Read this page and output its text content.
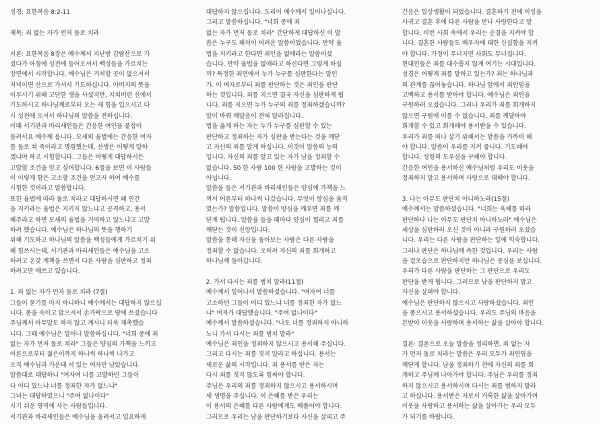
성경: 요한복음 8:2-11
제목: 죄 없는 자가 먼저 돌로 치라
서론: 요한복음 8장은 예수께서 지난밤 감람산으로 가
셨다가 아침에 성전에 들어오셔서 백성들을 가르치는
장면에서 시작합니다. 예수님은 거처할 곳이 없으셔서
저녁이면 산으로 가셔서 기도하십니다. 아버지의 뜻을
이루시기 위해 고단한 생을 사셨지만, 지쳐버린 신에서
기도하시고 하나님께로부터 오는 새 힘을 입으시고 다
시 성전에 오셔서 하나님의 말씀을 전하십니다.
이때 서기관과 바리새인들은 간음한 여인을 붙잡아
돌려서요 예수께 옵니다. 모세의 율법에는 간음한 여자
를 돌로 쳐 죽이라고 명령했는데, 선생은 어떻게 말하
겠냐며 하고 시험합니다. 그들은 어떻게 대답하시든
고발할 조건을 얻고 싶어합니다. 6절을 보면 이 사람들
이 이렇게 함은 고소할 조건을 얻고자 하여 예수를
시험한 것이라고 말씀합니다.
또한 율법에 따라 돌로 치라고 대답하시면 왜 인간
을 지키라는 율법은 지키지 않느냐고 공격하고, 용서
해주라고 하면 모세의 율법을 거역하고 않느냐고 고발
하려 했습니다. 예수님은 하나님의 뜻을 행하기
위해 기도하고 하나님의 말씀을 백성들에게 가르치기 위
해 힘쓰시는데, 서기관과 바리새인들은 예수님을 고소
하려고 온갖 계책을 쓰면서 다른 사람을 심판하고 정죄
하려고만 애쓰고 있습니다.
1. 죄 없는 자가 먼저 돌로 치라 (7절)
그들이 묻기를 마지 아니하니 예수께서는 대답하지 않으십
니다. 몸을 숙이고 앉으셔서 손가락으로 땅에 쓰셨습니다
주님께서 아무말도 하지 않고 계시니 더욱 재촉했습
니다. 그때 예수님은 일어나 말씀하십니다. "너희 중에 죄
없는 자가 먼저 돌로 치라" 그들은 양심의 가책을 느끼고
어른으로부터 젊은이까지 하나씩 하나씩 나가고
오직 예수님과 가운데 서 있는 여자만 남았습니다.
말씀대로 대답하니 "여자여 너를 고발하던 그들이
다 어디 있느냐 너를 정죄한 자가 없느냐"
그녀는 대답하였으니 "주여 없나이다"
시기 쉬운 영역에 사는 사람들입니다.
서기관과 바리새인들은 예수님을 올려서고 일요하게
대답하지 않으십니다. 도리어 예수께서 일어나십니다.
그리고 말씀하십니다. "너희 중에 죄
없는 자가 먼저 돌로 치라" 간단하게 대답하신 이 말
씀은 누구도 해석이 어려운 말씀이었습니다. 만약 율
법을 지키라고 한다면 죄인을 없애라는 말씀이셨
습니다. 만약 율법을 없애라고 하신다면 그렇게 하실
까? 특정한 죄인에서 누가 누구를 심판한다는 말인
가. 이 여자로부터 죄를 판단하는 것은 죄인을 판단
하는 것입니다. 죄를 지으면 결국 자신을 심판하게 됩
니다. 죄를 지으면 누가 누구의 죄를 정죄하겠습니까?
말이 바꿔 깨달음이 전혀 달라집니다.
법을 옳게 하는 자는 누가 누구를 심판할 수 있는
판단하고 정죄하는 자가 심판을 받는다는 것을 깨닫
고 자신의 죄를 알게 하십니다. 이것이 말씀의 능력
입니다. 자신의 죄를 알고 있는 자가 남을 정죄할 수
없습니다. 50 한 사람 100 한 사람을 고발하는 것이
아닙니다.
말씀을 들은 서기관과 바리새인들은 양심에 가책을 느
껴서 어른부터 하나씩 나갔습니다. 무엇이 양심을 움직
였는가? 말씀입니다. 말씀이 양심을 깨우면 죄를 깨
닫게 됩니다. 말씀을 들을 때마다 양심이 찔리고 죄를
깨닫는 것이 신앙입니다.
말씀을 통해 자신을 돌아보는 사람은 다른 사람을
정죄할 수 없습니다. 오히려 자신의 죄를 회개하고
하나님께 돌아갑니다.
2. 가서 다시는 죄를 범치 말라(11절)
예수께서 일어나서 말씀하셨습니다. "여자여 너를
고소하던 그들이 어디 있느냐 너를 정죄한 자가 없느
냐" 여자가 대답했습니다. "주여 없나이다"
예수께서 말씀하셨습니다. "나도 너를 정죄하지 아니하
노니 가서 다시는 죄를 범치 말라"
예수님은 죄인을 정죄하지 않으시고 용서해 주십니다.
그리고 다시는 죄를 짓지 말라고 하십니다. 용서는
새로운 삶의 시작입니다. 죄 용서를 받은 자는
다시 죄를 짓지 않도록 힘써야 합니다.
주님은 우리의 죄를 정죄하지 않으시고 용서하시며
새 생명을 주십니다. 이 은혜를 받은 우리는
이 용서의 은혜를 다른 사람에게도 베풀어야 합니다.
그러므로 우리는 남을 판단하기보다 자신을 살피고 주
간음은 일상생활이 되었습니다. 결혼하기 전에 이성을
사귀고 결혼 후에 다른 사람을 만나 사랑한다고 말
합니다. 이런 사회 속에서 우리는 순결을 지켜야 합
니다. 결혼한 사람들도 배우자에 대한 신실함을 지켜
야 합니다. 가정이 무너지면 사회도 무너집니다.
현대인들은 죄를 대수롭지 않게 여기는 시대입니다.
성경은 어떻게 죄를 말하고 있는가? 죄는 하나님과
의 관계를 끊어놓습니다. 하나님 앞에서 죄인임을
고백하고 용서를 받아야 합니다. 예수님은 죄인을
구원하러 오셨습니다. 그러나 우리가 죄를 회개하지
않으면 구원에 이를 수 없습니다. 죄를 깨달아야
회개할 수 있고 회개해야 용서받을 수 있습니다.
우리가 죄를 떠나 살기 위해서는 말씀을 가까이 해
야 합니다. 말씀이 우리를 지켜 줍니다. 기도해야
합니다. 성령의 도우심을 구해야 합니다.
간음한 여인을 용서하신 예수님처럼 우리도 이웃을
정죄하지 말고 용서하며 사랑으로 대해야 합니다.
3. 나는 아무도 판단치 아니하노라(15절)
예수께서는 말씀하셨습니다. "너희는 육체를 따라
판단하나 나는 아무도 판단치 아니하노라" 예수님은
세상을 심판하러 오신 것이 아니라 구원하러 오셨습
니다. 우리는 다른 사람을 판단하는 일에 익숙합니다.
그러나 판단은 하나님께 속한 것입니다. 우리는 사람
을 겉모습으로 판단하지만 하나님은 중심을 보십니다.
우리가 다른 사람을 판단하는 그 판단으로 우리도
판단을 받게 됩니다. 그러므로 남을 판단하지 말고
자신을 살펴야 합니다.
예수님은 판단하지 않으시고 사랑하셨습니다. 죄인
을 품으시고 용서하셨습니다. 우리도 주님의 마음을
본받아 이웃을 사랑하며 용서하는 삶을 살아야 합니다.
결론: 결론으로 오늘 말씀을 정리하면, 죄 없는 자
가 먼저 돌로 치라는 말씀은 우리 모두가 죄인임을
깨닫게 합니다. 남을 정죄하기 전에 자신의 죄를 회
개하고 주님께 나아가야 합니다. 주님은 우리를 정죄
하지 않으시고 용서하시며 다시는 죄를 범하지 말라
고 하십니다. 용서받은 자로서 거룩한 삶을 살아가며
이웃을 사랑하고 용서하는 삶을 살아가는 우리 모두
가 되기를 바랍니다.
